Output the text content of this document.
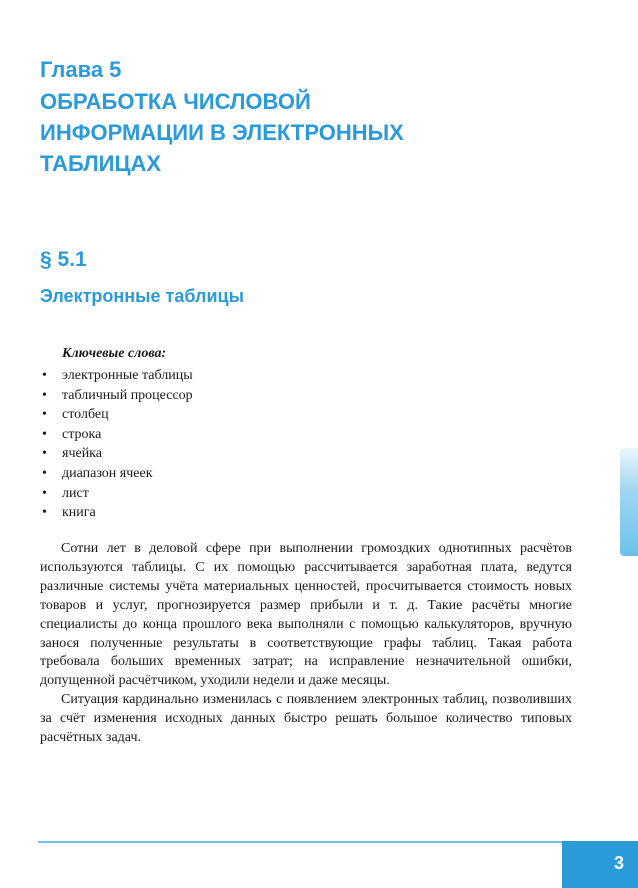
Глава 5
ОБРАБОТКА ЧИСЛОВОЙ
ИНФОРМАЦИИ В ЭЛЕКТРОННЫХ
ТАБЛИЦАХ
§ 5.1
Электронные таблицы
Ключевые слова:
• электронные таблицы
• табличный процессор
• столбец
• строка
• ячейка
• диапазон ячеек
• лист
• книга

Сотни лет в деловой сфере при выполнении громоздких однотипных расчётов используются таблицы. С их помощью рассчитывается заработная плата, ведутся различные системы учёта материальных ценностей, просчитывается стоимость новых товаров и услуг, прогнозируется размер прибыли и т. д. Такие расчёты многие специалисты до конца прошлого века выполняли с помощью калькуляторов, вручную занося полученные результаты в соответствующие графы таблиц. Такая работа требовала больших временных затрат; на исправление незначительной ошибки, допущенной расчётчиком, уходили недели и даже месяцы.

Ситуация кардинально изменилась с появлением электронных таблиц, позволивших за счёт изменения исходных данных быстро решать большое количество типовых расчётных задач.

3
